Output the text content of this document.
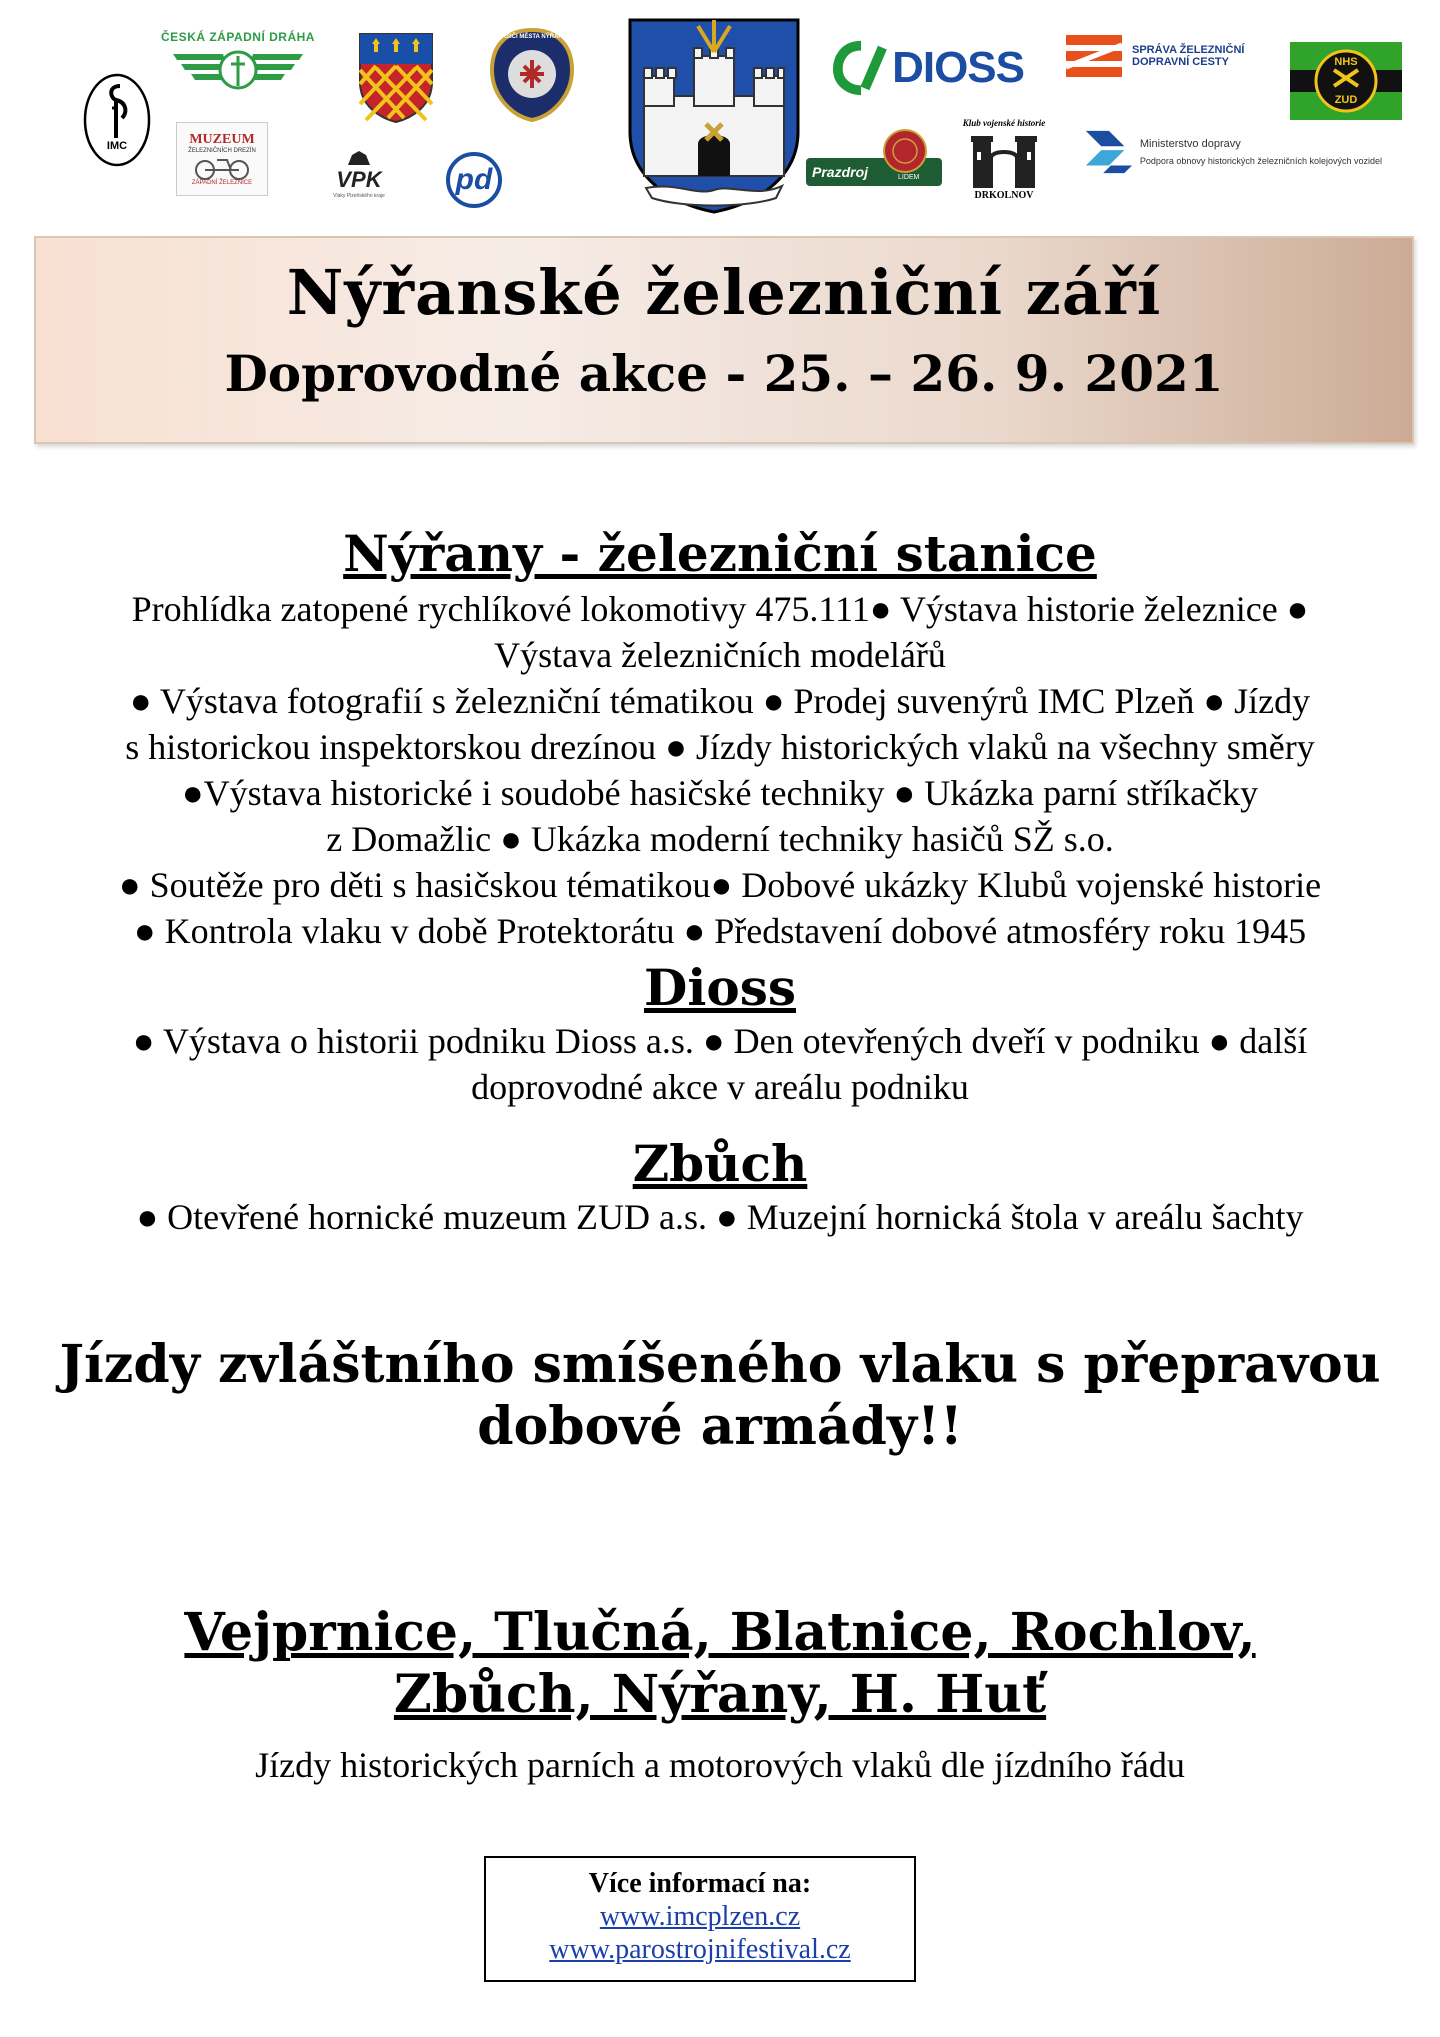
IMC
ČESKÁ ZÁPADNÍ DRÁHA
MUZEUM
ŽELEZNIČNÍCH DREZÍN
ZÁPADNÍ ŽELEZNICE	VPK
Vlaky Plzeňského kraje
HASIČI MĚSTA NÝŘANY
pd
DIOSS
Prazdroj	LIDEM
Klub vojenské historie
DRKOLNOV
SPRÁVA ŽELEZNIČNÍ
DOPRAVNÍ CESTY	NHS
ZUD
Ministerstvo dopravy
Podpora obnovy historických železničních kolejových vozidel
Nýřanské železniční září
Doprovodné akce - 25. – 26. 9. 2021
Nýřany - železniční stanice
Prohlídka zatopené rychlíkové lokomotivy 475.111● Výstava historie železnice ●
Výstava železničních modelářů
● Výstava fotografií s železniční tématikou ● Prodej suvenýrů IMC Plzeň ● Jízdy
s historickou inspektorskou drezínou ● Jízdy historických vlaků na všechny směry
●Výstava historické i soudobé hasičské techniky ● Ukázka parní stříkačky
z Domažlic ● Ukázka moderní techniky hasičů SŽ s.o.
● Soutěže pro děti s hasičskou tématikou● Dobové ukázky Klubů vojenské historie
● Kontrola vlaku v době Protektorátu ● Představení dobové atmosféry roku 1945
Dioss
● Výstava o historii podniku Dioss a.s. ● Den otevřených dveří v podniku ● další
doprovodné akce v areálu podniku
Zbůch
● Otevřené hornické muzeum ZUD a.s. ● Muzejní hornická štola v areálu šachty
Jízdy zvláštního smíšeného vlaku s přepravou
dobové armády!!
Vejprnice, Tlučná, Blatnice, Rochlov,
Zbůch, Nýřany, H. Huť
Jízdy historických parních a motorových vlaků dle jízdního řádu
Více informací na:
www.imcplzen.cz
www.parostrojnifestival.cz
